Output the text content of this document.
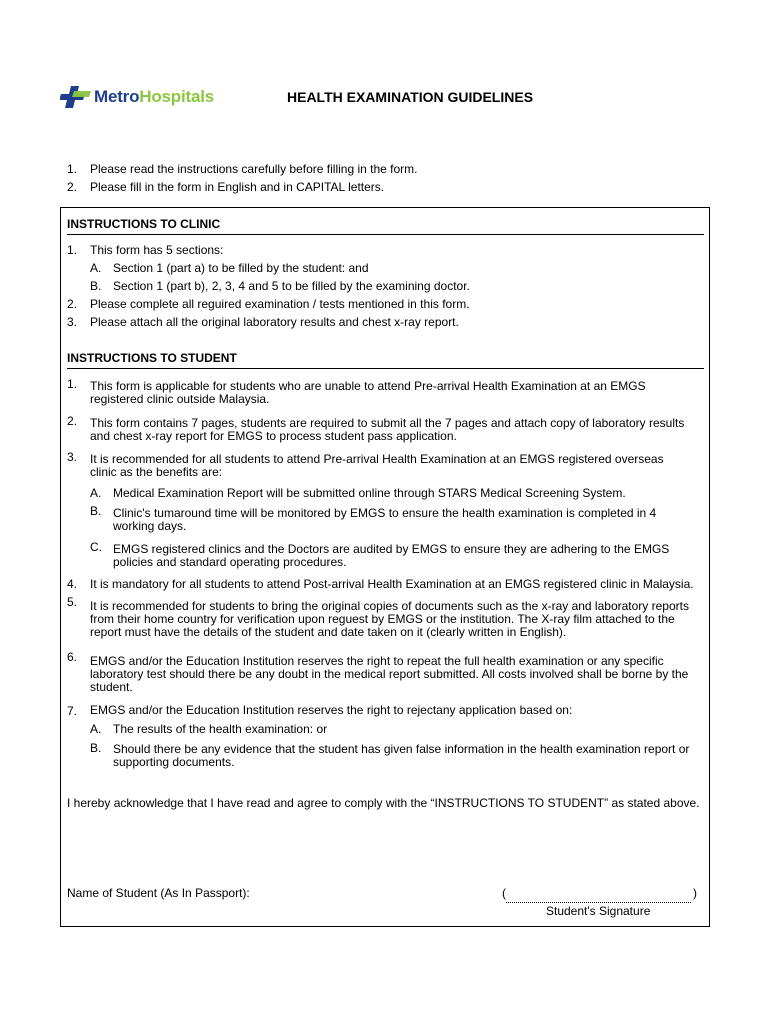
MetroHospitals	HEALTH EXAMINATION GUIDELINES
1. Please read the instructions carefully before filling in the form.
2. Please fill in the form in English and in CAPITAL letters.
INSTRUCTIONS TO CLINIC
1. This form has 5 sections:
A. Section 1 (part a) to be filled by the student: and
B. Section 1 (part b), 2, 3, 4 and 5 to be filled by the examining doctor.
2. Please complete all reguired examination / tests mentioned in this form.
3. Please attach all the original laboratory results and chest x-ray report.
INSTRUCTIONS TO STUDENT
1. This form is applicable for students who are unable to attend Pre-arrival Health Examination at an EMGS registered clinic outside Malaysia.
2. This form contains 7 pages, students are required to submit all the 7 pages and attach copy of laboratory results and chest x-ray report for EMGS to process student pass application.
3. It is recommended for all students to attend Pre-arrival Health Examination at an EMGS registered overseas clinic as the benefits are:
A. Medical Examination Report will be submitted online through STARS Medical Screening System.
B. Clinic's tumaround time will be monitored by EMGS to ensure the health examination is completed in 4 working days.
C. EMGS registered clinics and the Doctors are audited by EMGS to ensure they are adhering to the EMGS policies and standard operating procedures.
4. It is mandatory for all students to attend Post-arrival Health Examination at an EMGS registered clinic in Malaysia.
5. It is recommended for students to bring the original copies of documents such as the x-ray and laboratory reports from their home country for verification upon reguest by EMGS or the institution. The X-ray film attached to the report must have the details of the student and date taken on it (clearly written in English).
6. EMGS and/or the Education Institution reserves the right to repeat the full health examination or any specific laboratory test should there be any doubt in the medical report submitted. All costs involved shall be borne by the student.
7. EMGS and/or the Education Institution reserves the right to rejectany application based on:
A. The results of the health examination: or
B. Should there be any evidence that the student has given false information in the health examination report or supporting documents.
I hereby acknowledge that I have read and agree to comply with the “INSTRUCTIONS TO STUDENT” as stated above.
Name of Student (As In Passport):	(	)
Student's Signature
